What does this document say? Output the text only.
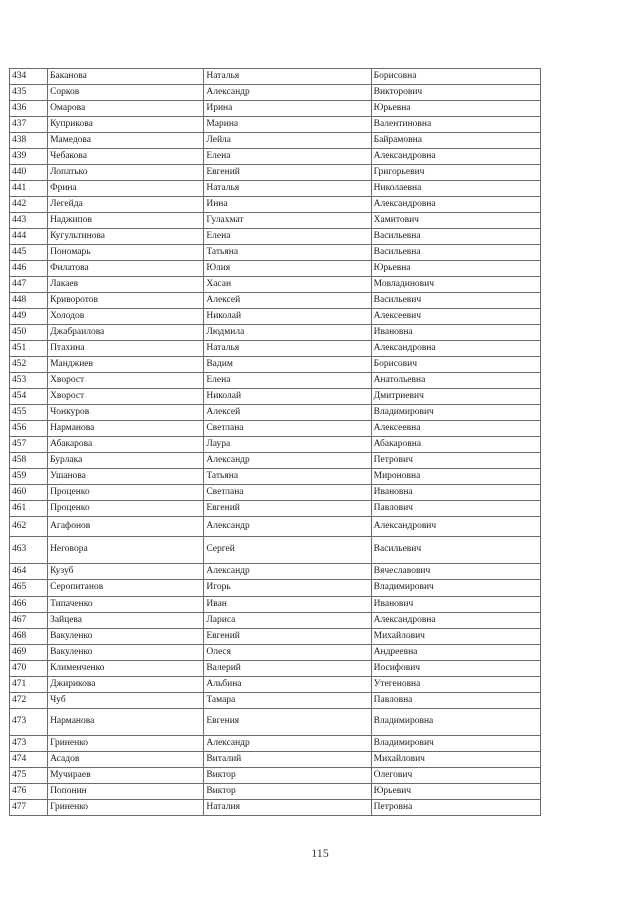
434	Баканова	Наталья	Борисовна
435	Сорков	Александр	Викторович
436	Омарова	Ирина	Юрьевна
437	Куприкова	Марина	Валентиновна
438	Мамедова	Лейла	Байрамовна
439	Чебакова	Елена	Александровна
440	Лопатько	Евгений	Григорьевич
441	Фрина	Наталья	Николаевна
442	Легейда	Инна	Александровна
443	Наджипов	Гулахмат	Хамитович
444	Кугультинова	Елена	Васильевна
445	Пономарь	Татьяна	Васильевна
446	Филатова	Юлия	Юрьевна
447	Лакаев	Хасан	Мовладинович
448	Криворотов	Алексей	Васильевич
449	Холодов	Николай	Алексеевич
450	Джабраилова	Людмила	Ивановна
451	Птахина	Наталья	Александровна
452	Манджиев	Вадим	Борисович
453	Хворост	Елена	Анатольевна
454	Хворост	Николай	Дмитриевич
455	Чонкуров	Алексей	Владимирович
456	Нарманова	Светлана	Алексеевна
457	Абакарова	Лаура	Абакаровна
458	Бурлака	Александр	Петрович
459	Ушанова	Татьяна	Мироновна
460	Проценко	Светлана	Ивановна
461	Проценко	Евгений	Павлович
462	Агафонов	Александр	Александрович
463	Неговора	Сергей	Васильевич
464	Кузуб	Александр	Вячеславович
465	Серопитанов	Игорь	Владимирович
466	Типаченко	Иван	Иванович
467	Зайцева	Лариса	Александровна
468	Вакуленко	Евгений	Михайлович
469	Вакуленко	Олеся	Андреевна
470	Клименченко	Валерий	Иосифович
471	Джирикова	Альбина	Утегеновна
472	Чуб	Тамара	Павловна
473	Нарманова	Евгения	Владимировна
473	Гриненко	Александр	Владимирович
474	Асадов	Виталий	Михайлович
475	Мучираев	Виктор	Олегович
476	Попонин	Виктор	Юрьевич
477	Гриненко	Наталия	Петровна
115
